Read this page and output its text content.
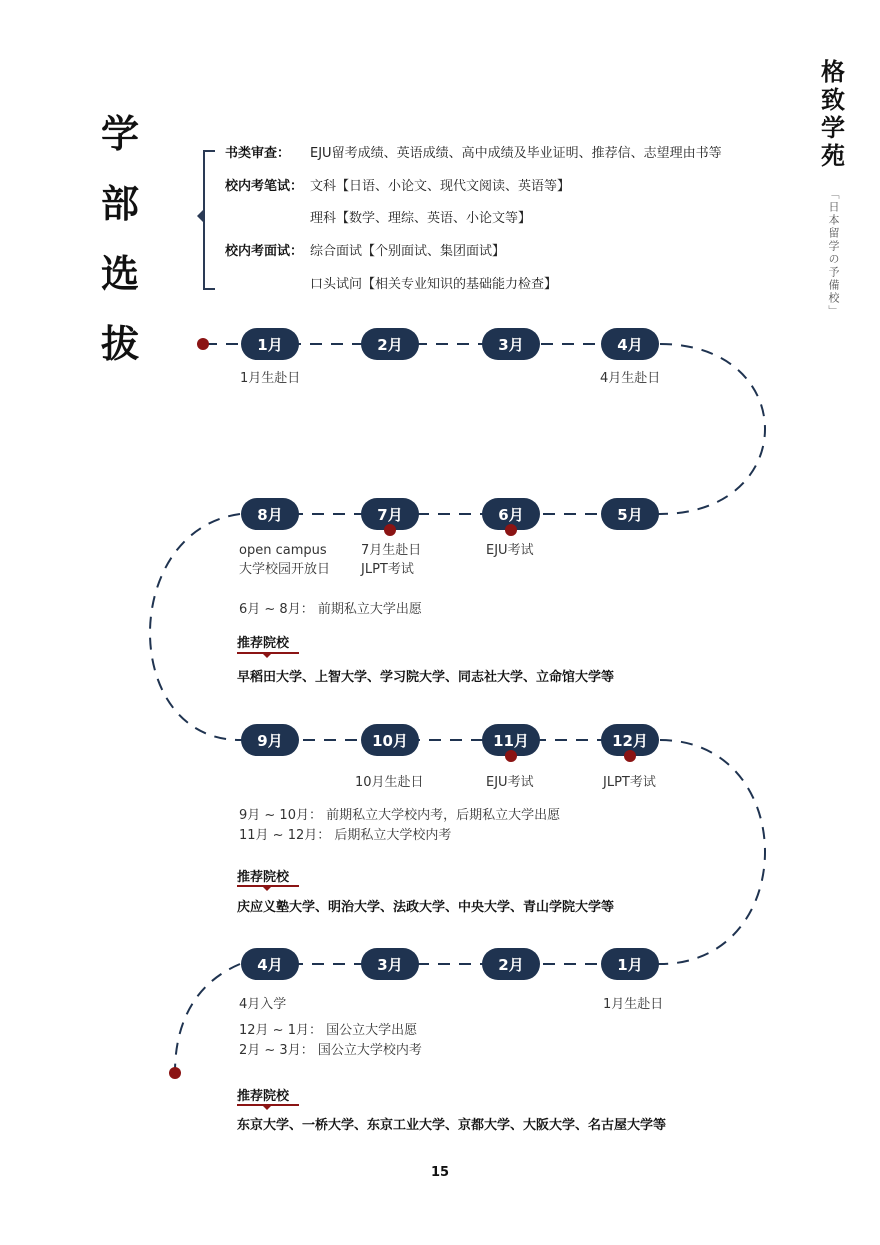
学
部
选
拔
格
致
学
苑
「日本留学の予備校」
书类审查： EJU留考成绩、英语成绩、高中成绩及毕业证明、推荐信、志望理由书等
校内考笔试： 文科【日语、小论文、现代文阅读、英语等】
理科【数学、理综、英语、小论文等】
校内考面试： 综合面试【个别面试、集团面试】
口头试问【相关专业知识的基础能力检查】
1月	2月	3月	4月
1月生赴日	4月生赴日
8月	7月	6月	5月
open campus
大学校园开放日
7月生赴日
JLPT考试
EJU考试
6月 ~ 8月： 前期私立大学出愿
推荐院校
早稻田大学、上智大学、学习院大学、同志社大学、立命馆大学等
9月	10月	11月	12月
10月生赴日	EJU考试	JLPT考试
9月 ~ 10月： 前期私立大学校内考，后期私立大学出愿
11月 ~ 12月： 后期私立大学校内考
推荐院校
庆应义塾大学、明治大学、法政大学、中央大学、青山学院大学等
4月	3月	2月	1月
4月入学	1月生赴日
12月 ~ 1月： 国公立大学出愿
2月 ~ 3月： 国公立大学校内考
推荐院校
东京大学、一桥大学、东京工业大学、京都大学、大阪大学、名古屋大学等
15
